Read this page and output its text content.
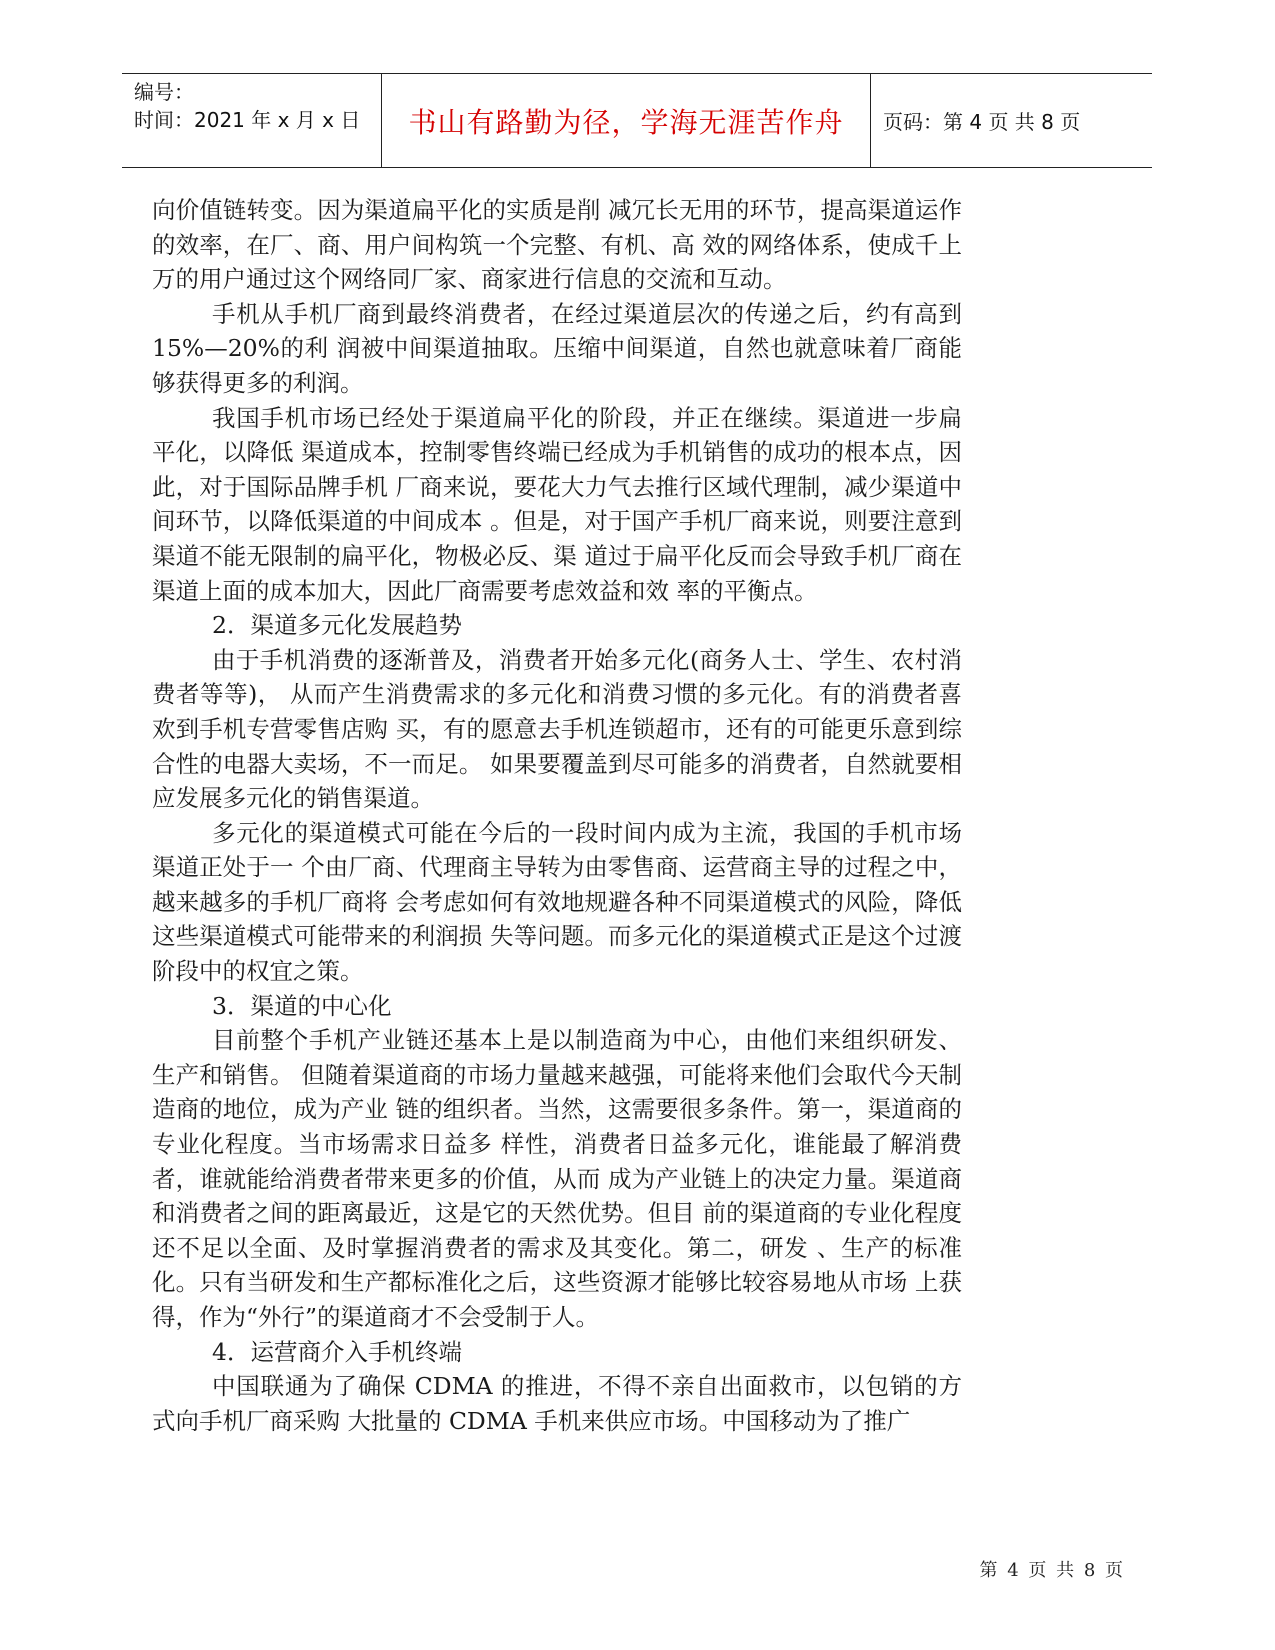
编号：
时间：2021 年 x 月 x 日	书山有路勤为径，学海无涯苦作舟 页码：第 4 页 共 8 页

向价值链转变。因为渠道扁平化的实质是削 减冗长无用的环节，提高渠道运作的效率，在厂、商、用户间构筑一个完整、有机、高 效的网络体系，使成千上万的用户通过这个网络同厂家、商家进行信息的交流和互动。

手机从手机厂商到最终消费者，在经过渠道层次的传递之后，约有高到 15%—20%的利 润被中间渠道抽取。压缩中间渠道，自然也就意味着厂商能够获得更多的利润。

我国手机市场已经处于渠道扁平化的阶段，并正在继续。渠道进一步扁平化，以降低 渠道成本，控制零售终端已经成为手机销售的成功的根本点，因此，对于国际品牌手机 厂商来说，要花大力气去推行区域代理制，减少渠道中间环节，以降低渠道的中间成本 。但是，对于国产手机厂商来说，则要注意到渠道不能无限制的扁平化，物极必反、渠 道过于扁平化反而会导致手机厂商在渠道上面的成本加大，因此厂商需要考虑效益和效 率的平衡点。

2．渠道多元化发展趋势

由于手机消费的逐渐普及，消费者开始多元化(商务人士、学生、农村消费者等等)， 从而产生消费需求的多元化和消费习惯的多元化。有的消费者喜欢到手机专营零售店购 买，有的愿意去手机连锁超市，还有的可能更乐意到综合性的电器大卖场，不一而足。 如果要覆盖到尽可能多的消费者，自然就要相应发展多元化的销售渠道。

多元化的渠道模式可能在今后的一段时间内成为主流，我国的手机市场渠道正处于一 个由厂商、代理商主导转为由零售商、运营商主导的过程之中，越来越多的手机厂商将 会考虑如何有效地规避各种不同渠道模式的风险，降低这些渠道模式可能带来的利润损 失等问题。而多元化的渠道模式正是这个过渡阶段中的权宜之策。

3．渠道的中心化

目前整个手机产业链还基本上是以制造商为中心，由他们来组织研发、生产和销售。 但随着渠道商的市场力量越来越强，可能将来他们会取代今天制造商的地位，成为产业 链的组织者。当然，这需要很多条件。第一，渠道商的专业化程度。当市场需求日益多 样性，消费者日益多元化，谁能最了解消费者，谁就能给消费者带来更多的价值，从而 成为产业链上的决定力量。渠道商和消费者之间的距离最近，这是它的天然优势。但目 前的渠道商的专业化程度还不足以全面、及时掌握消费者的需求及其变化。第二，研发 、生产的标准化。只有当研发和生产都标准化之后，这些资源才能够比较容易地从市场 上获得，作为“外行”的渠道商才不会受制于人。

4．运营商介入手机终端

中国联通为了确保 CDMA 的推进，不得不亲自出面救市，以包销的方式向手机厂商采购 大批量的 CDMA 手机来供应市场。中国移动为了推广

第 4 页 共 8 页
